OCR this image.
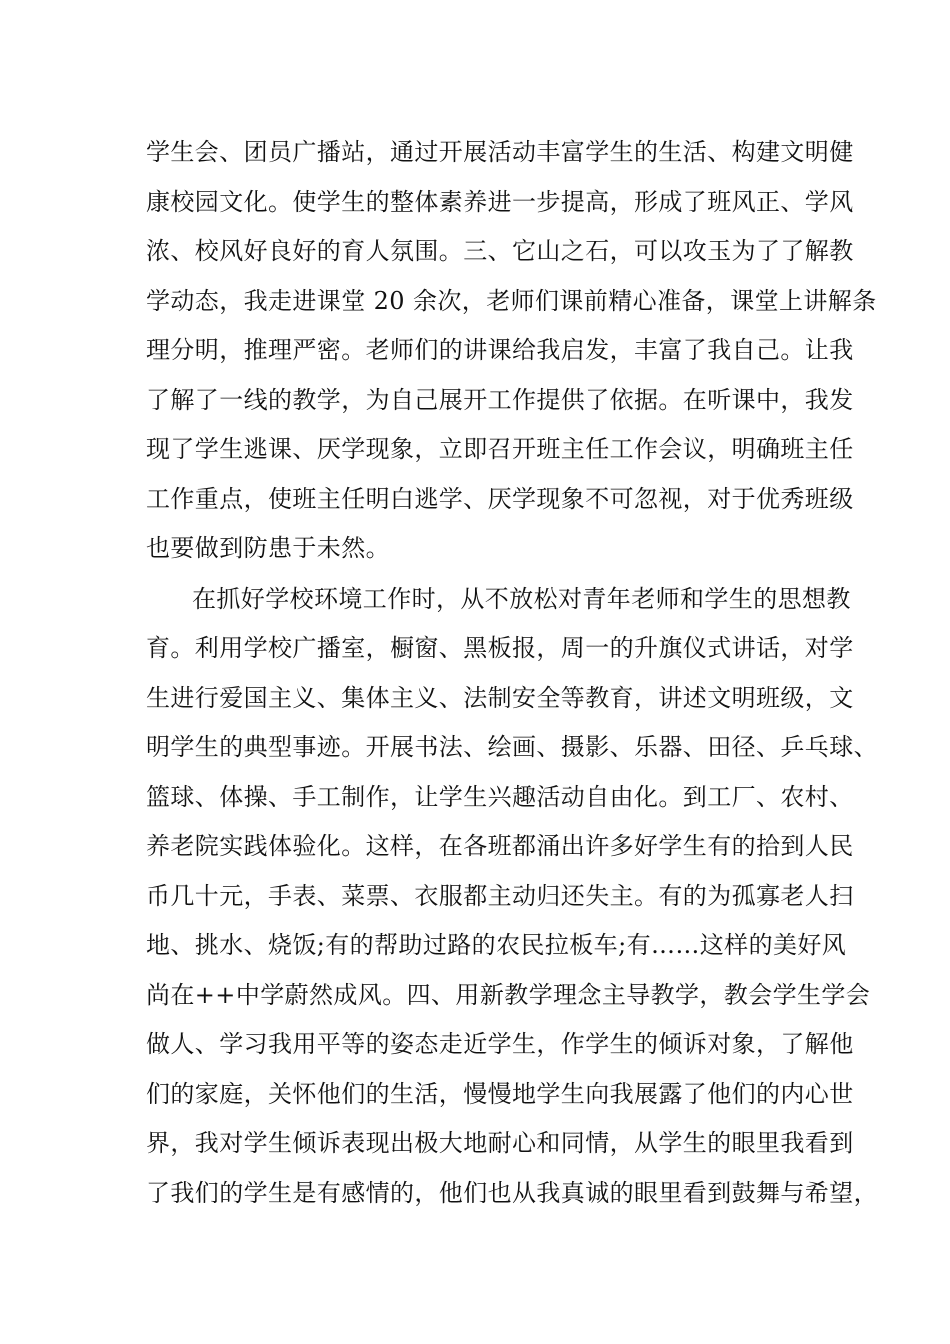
学生会、团员广播站，通过开展活动丰富学生的生活、构建文明健
康校园文化。使学生的整体素养进一步提高，形成了班风正、学风
浓、校风好良好的育人氛围。三、它山之石，可以攻玉为了了解教
学动态，我走进课堂 20 余次，老师们课前精心准备，课堂上讲解条
理分明，推理严密。老师们的讲课给我启发，丰富了我自己。让我
了解了一线的教学，为自己展开工作提供了依据。在听课中，我发
现了学生逃课、厌学现象，立即召开班主任工作会议，明确班主任
工作重点，使班主任明白逃学、厌学现象不可忽视，对于优秀班级
也要做到防患于未然。
在抓好学校环境工作时，从不放松对青年老师和学生的思想教
育。利用学校广播室，橱窗、黑板报，周一的升旗仪式讲话，对学
生进行爱国主义、集体主义、法制安全等教育，讲述文明班级，文
明学生的典型事迹。开展书法、绘画、摄影、乐器、田径、乒乓球、
篮球、体操、手工制作，让学生兴趣活动自由化。到工厂、农村、
养老院实践体验化。这样，在各班都涌出许多好学生有的拾到人民
币几十元，手表、菜票、衣服都主动归还失主。有的为孤寡老人扫
地、挑水、烧饭;有的帮助过路的农民拉板车;有……这样的美好风
尚在++中学蔚然成风。四、用新教学理念主导教学，教会学生学会
做人、学习我用平等的姿态走近学生，作学生的倾诉对象，了解他
们的家庭，关怀他们的生活，慢慢地学生向我展露了他们的内心世
界，我对学生倾诉表现出极大地耐心和同情，从学生的眼里我看到
了我们的学生是有感情的，他们也从我真诚的眼里看到鼓舞与希望，
